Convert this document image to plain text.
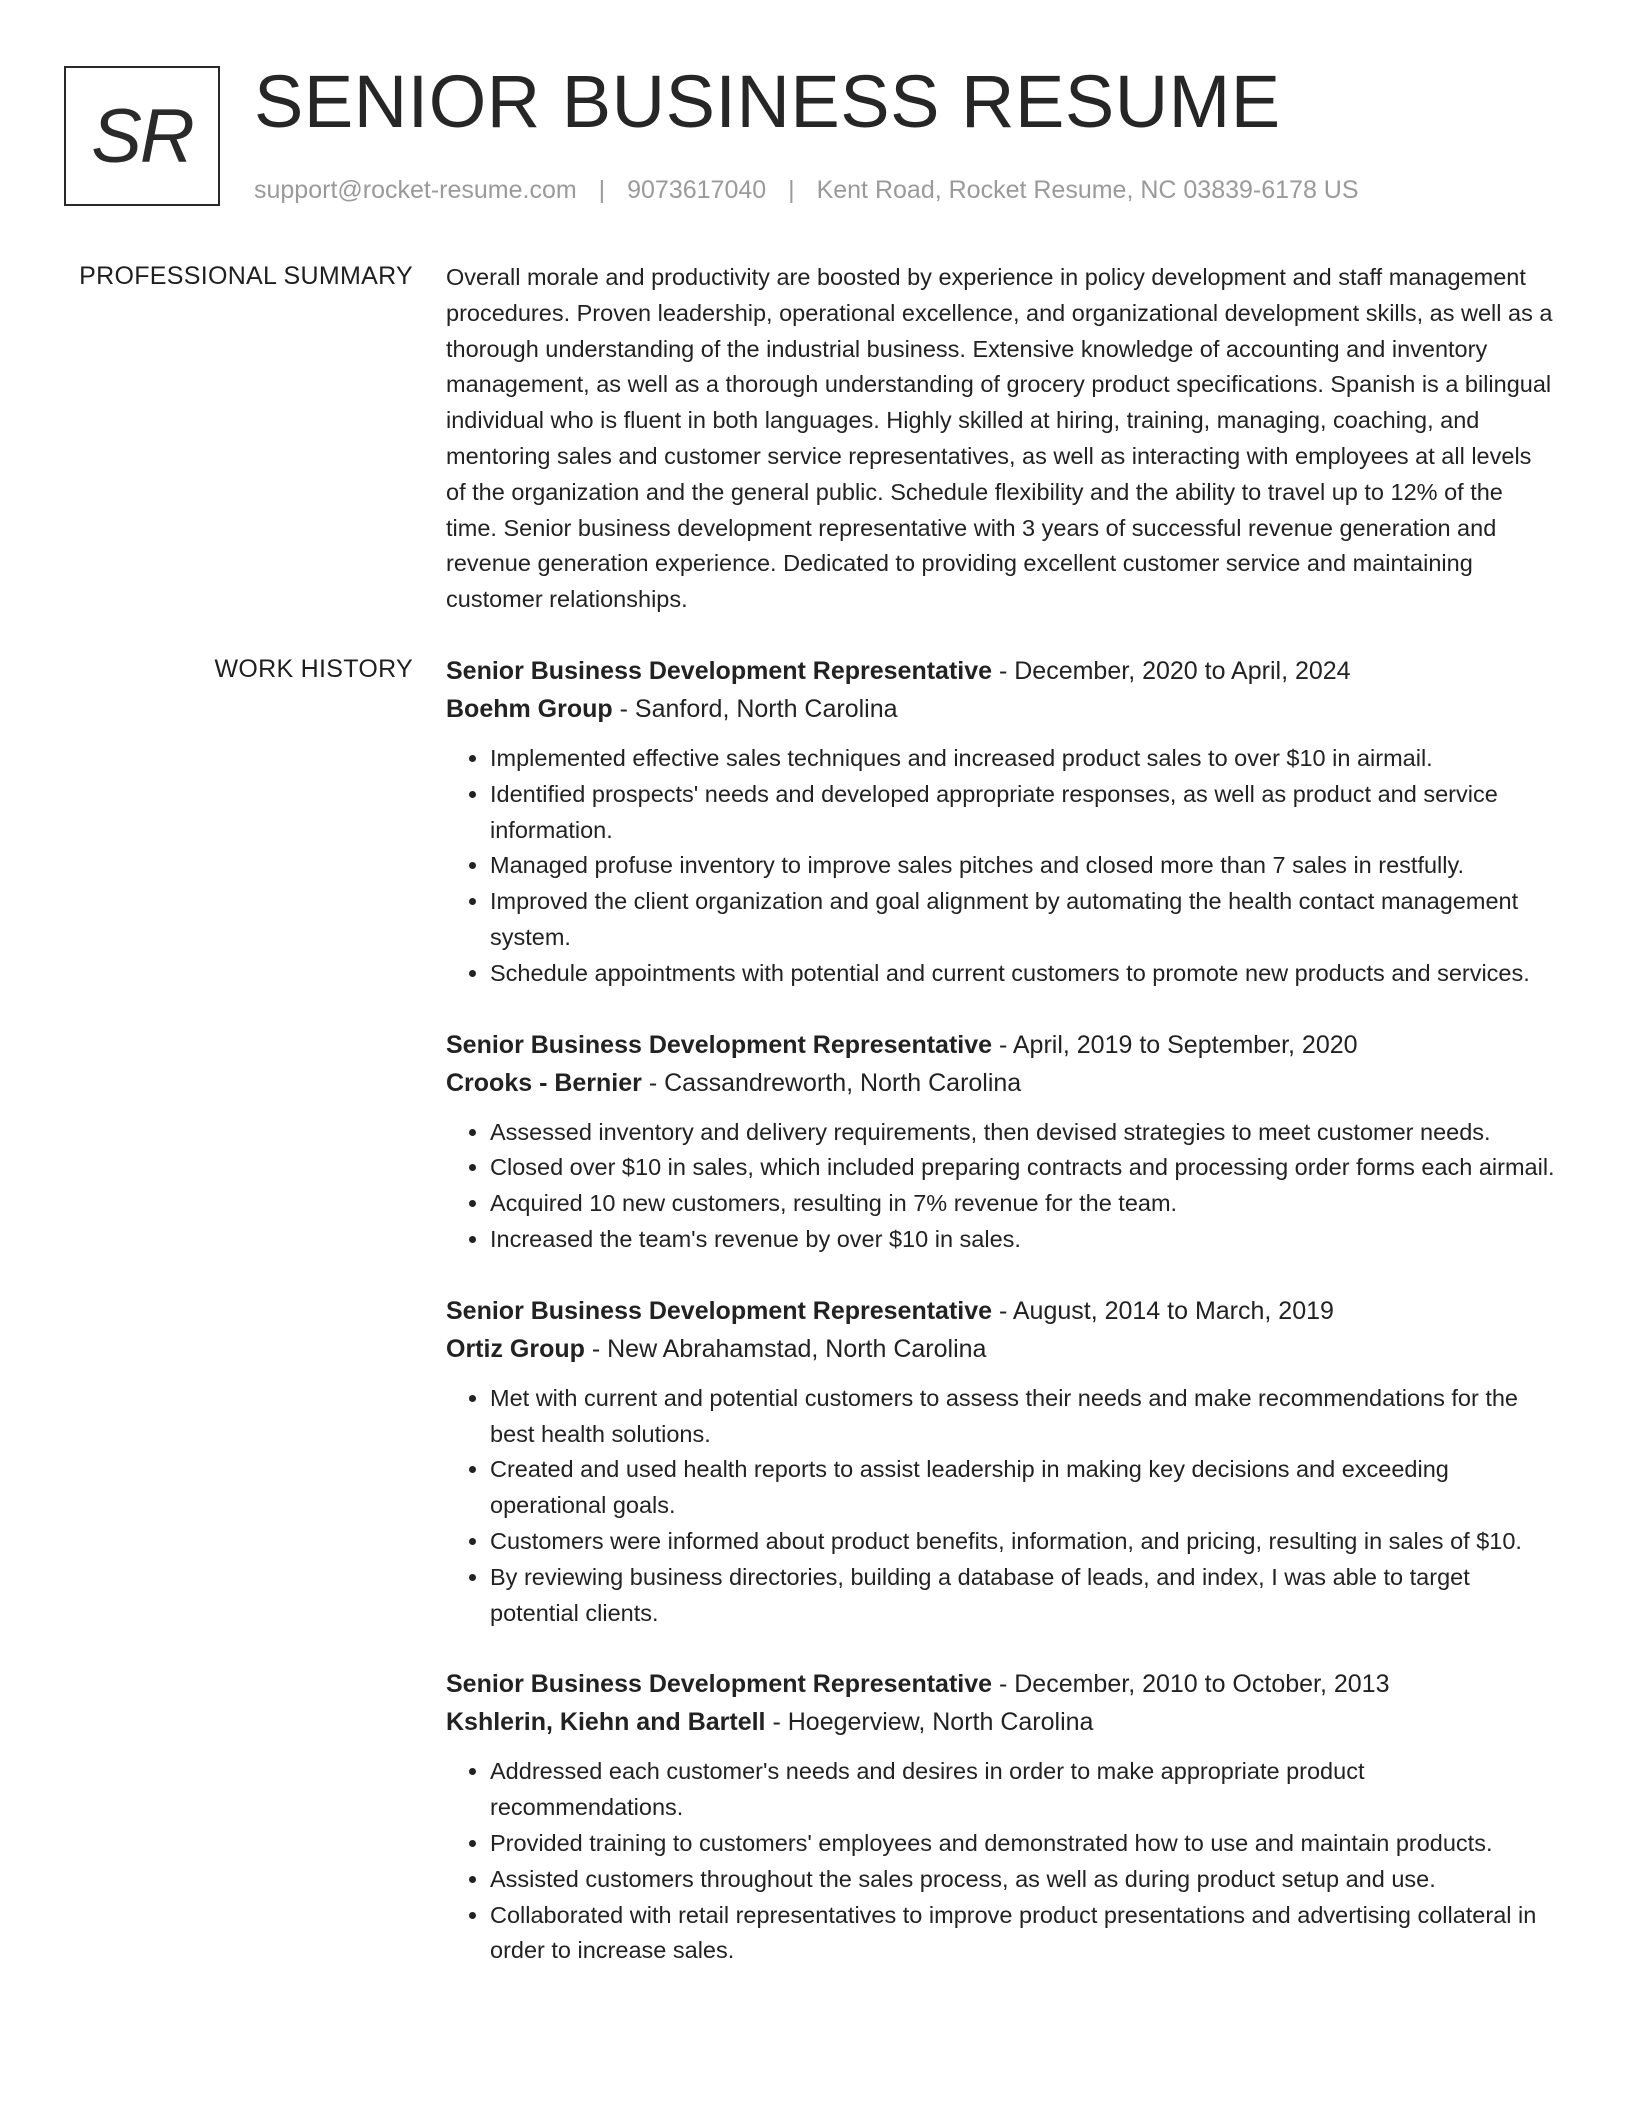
SR SENIOR BUSINESS RESUME
support@rocket-resume.com | 9073617040 | Kent Road, Rocket Resume, NC 03839-6178 US
PROFESSIONAL SUMMARY Overall morale and productivity are boosted by experience in policy development and staff management procedures. Proven leadership, operational excellence, and organizational development skills, as well as a thorough understanding of the industrial business. Extensive knowledge of accounting and inventory management, as well as a thorough understanding of grocery product specifications. Spanish is a bilingual individual who is fluent in both languages. Highly skilled at hiring, training, managing, coaching, and mentoring sales and customer service representatives, as well as interacting with employees at all levels of the organization and the general public. Schedule flexibility and the ability to travel up to 12% of the time. Senior business development representative with 3 years of successful revenue generation and revenue generation experience. Dedicated to providing excellent customer service and maintaining customer relationships.

WORK HISTORY Senior Business Development Representative - December, 2020 to April, 2024
Boehm Group - Sanford, North Carolina
• Implemented effective sales techniques and increased product sales to over $10 in airmail.
• Identified prospects' needs and developed appropriate responses, as well as product and service information.
• Managed profuse inventory to improve sales pitches and closed more than 7 sales in restfully.
• Improved the client organization and goal alignment by automating the health contact management system.
• Schedule appointments with potential and current customers to promote new products and services.
Senior Business Development Representative - April, 2019 to September, 2020
Crooks - Bernier - Cassandreworth, North Carolina
• Assessed inventory and delivery requirements, then devised strategies to meet customer needs.
• Closed over $10 in sales, which included preparing contracts and processing order forms each airmail.
• Acquired 10 new customers, resulting in 7% revenue for the team.
• Increased the team's revenue by over $10 in sales.
Senior Business Development Representative - August, 2014 to March, 2019
Ortiz Group - New Abrahamstad, North Carolina
• Met with current and potential customers to assess their needs and make recommendations for the best health solutions.
• Created and used health reports to assist leadership in making key decisions and exceeding operational goals.
• Customers were informed about product benefits, information, and pricing, resulting in sales of $10.
• By reviewing business directories, building a database of leads, and index, I was able to target potential clients.
Senior Business Development Representative - December, 2010 to October, 2013
Kshlerin, Kiehn and Bartell - Hoegerview, North Carolina
• Addressed each customer's needs and desires in order to make appropriate product recommendations.
• Provided training to customers' employees and demonstrated how to use and maintain products.
• Assisted customers throughout the sales process, as well as during product setup and use.
• Collaborated with retail representatives to improve product presentations and advertising collateral in order to increase sales.
